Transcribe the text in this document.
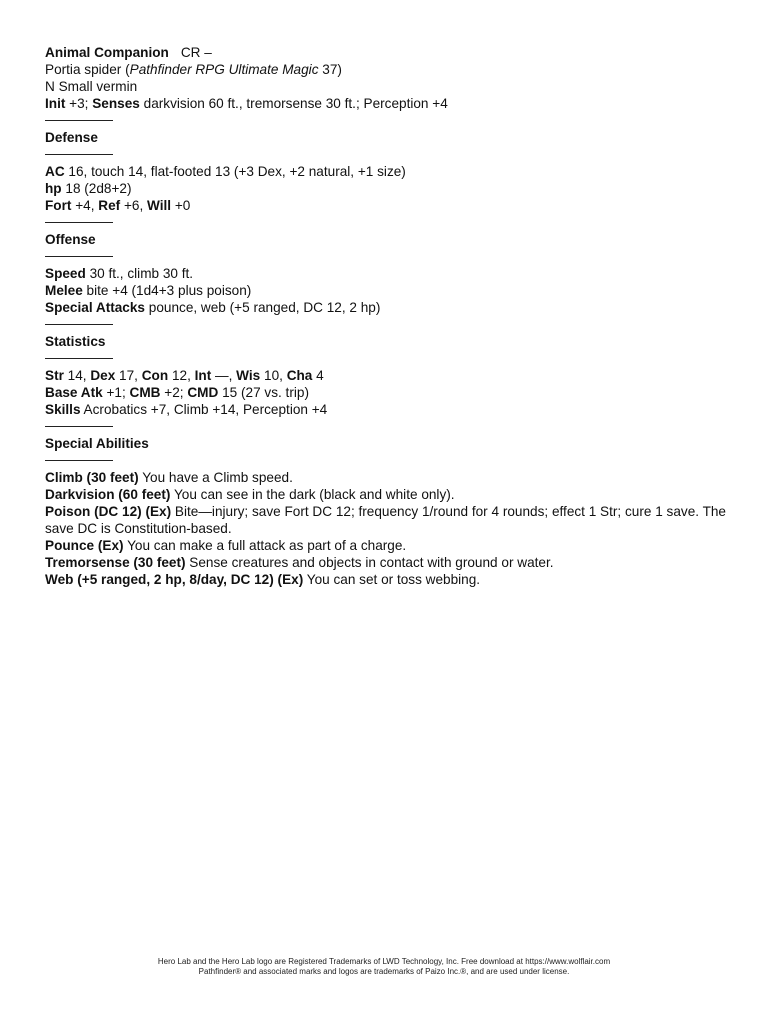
Animal Companion CR –
Portia spider (Pathfinder RPG Ultimate Magic 37)
N Small vermin
Init +3; Senses darkvision 60 ft., tremorsense 30 ft.; Perception +4
Defense
AC 16, touch 14, flat-footed 13 (+3 Dex, +2 natural, +1 size)
hp 18 (2d8+2)
Fort +4, Ref +6, Will +0
Offense
Speed 30 ft., climb 30 ft.
Melee bite +4 (1d4+3 plus poison)
Special Attacks pounce, web (+5 ranged, DC 12, 2 hp)
Statistics
Str 14, Dex 17, Con 12, Int —, Wis 10, Cha 4
Base Atk +1; CMB +2; CMD 15 (27 vs. trip)
Skills Acrobatics +7, Climb +14, Perception +4
Special Abilities
Climb (30 feet) You have a Climb speed.
Darkvision (60 feet) You can see in the dark (black and white only).
Poison (DC 12) (Ex) Bite—injury; save Fort DC 12; frequency 1/round for 4 rounds; effect 1 Str; cure 1 save. The save DC is Constitution-based.
Pounce (Ex) You can make a full attack as part of a charge.
Tremorsense (30 feet) Sense creatures and objects in contact with ground or water.
Web (+5 ranged, 2 hp, 8/day, DC 12) (Ex) You can set or toss webbing.
Hero Lab and the Hero Lab logo are Registered Trademarks of LWD Technology, Inc. Free download at https://www.wolflair.com
Pathfinder® and associated marks and logos are trademarks of Paizo Inc.®, and are used under license.
